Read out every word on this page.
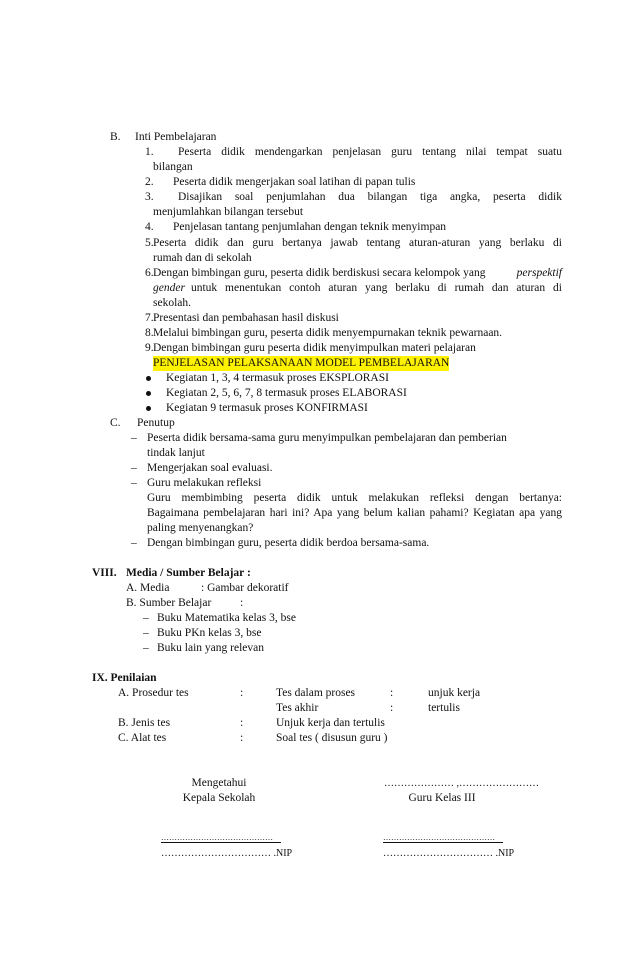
B. Inti Pembelajaran
1. Peserta didik mendengarkan penjelasan guru tentang nilai tempat suatu
bilangan
2. Peserta didik mengerjakan soal latihan di papan tulis
3. Disajikan soal penjumlahan dua bilangan tiga angka, peserta didik
menjumlahkan bilangan tersebut
4. Penjelasan tantang penjumlahan dengan teknik menyimpan
5. Peserta didik dan guru bertanya jawab tentang aturan-aturan yang berlaku di
rumah dan di sekolah
6. Dengan bimbingan guru, peserta didik berdiskusi secara kelompok yang	perspektif
gender untuk menentukan contoh aturan yang berlaku di rumah dan aturan di
sekolah.
7. Presentasi dan pembahasan hasil diskusi
8. Melalui bimbingan guru, peserta didik menyempurnakan teknik pewarnaan.
9. Dengan bimbingan guru peserta didik menyimpulkan materi pelajaran
PENJELASAN PELAKSANAAN MODEL PEMBELAJARAN
Kegiatan 1, 3, 4 termasuk proses EKSPLORASI
Kegiatan 2, 5, 6, 7, 8 termasuk proses ELABORASI
Kegiatan 9 termasuk proses KONFIRMASI
C. Penutup
– Peserta didik bersama-sama guru menyimpulkan pembelajaran dan pemberian
tindak lanjut
– Mengerjakan soal evaluasi.
– Guru melakukan refleksi
Guru membimbing peserta didik untuk melakukan refleksi dengan bertanya:
Bagaimana pembelajaran hari ini? Apa yang belum kalian pahami? Kegiatan apa yang
paling menyenangkan?
– Dengan bimbingan guru, peserta didik berdoa bersama-sama.
VIII. Media / Sumber Belajar :
A. Media	: Gambar dekoratif
B. Sumber Belajar :
– Buku Matematika kelas 3, bse
– Buku PKn kelas 3, bse
– Buku lain yang relevan
IX. Penilaian
A. Prosedur tes	:	Tes dalam proses	:	unjuk kerja
Tes akhir	:	tertulis
B. Jenis tes	:	Unjuk kerja dan tertulis
C. Alat tes	:	Soal tes ( disusun guru )
Mengetahui
Kepala Sekolah
………………… ,……………………
Guru Kelas III
……………………………………
…………………………… .NIP
……………………………………
…………………………… .NIP
